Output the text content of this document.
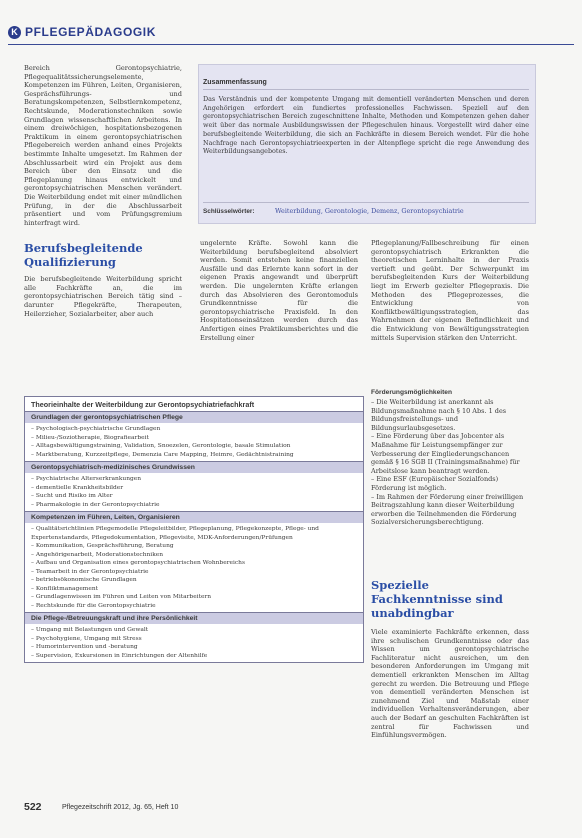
K PFLEGEPÄDAGOGIK

Bereich Gerontopsychiatrie, Pflegequalitätssicherungselemente, Kompetenzen im Führen, Leiten, Organisieren, Gesprächsführungs- und Beratungskompetenzen, Selbstlernkompetenz, Rechtskunde, Moderationstechniken sowie Grundlagen wissenschaftlichen Arbeitens. In einem dreiwöchigen, hospitationsbezogenen Praktikum in einem gerontopsychiatrischen Pflegebereich werden anhand eines Projekts bestimmte Inhalte umgesetzt. Im Rahmen der Abschlussarbeit wird ein Projekt aus dem Bereich über den Einsatz und die Pflegeplanung hinaus entwickelt und gerontopsychiatrischen Menschen verändert. Die Weiterbildung endet mit einer mündlichen Prüfung, in der die Abschlussarbeit präsentiert und vom Prüfungsgremium hinterfragt wird.

Berufsbegleitende Qualifizierung

Die berufsbegleitende Weiterbildung spricht alle Fachkräfte an, die im gerontopsychiatrischen Bereich tätig sind – darunter Pflegekräfte, Therapeuten, Heilerzieher, Sozialarbeiter, aber auch

Zusammenfassung

Das Verständnis und der kompetente Umgang mit dementiell veränderten Menschen und deren Angehörigen erfordert ein fundiertes professionelles Fachwissen. Speziell auf den gerontopsychiatrischen Bereich zugeschnittene Inhalte, Methoden und Kompetenzen gehen daher weit über das normale Ausbildungswissen der Pflegeschulen hinaus. Vorgestellt wird daher eine berufsbegleitende Weiterbildung, die sich an Fachkräfte in diesem Bereich wendet. Für die hohe Nachfrage nach Gerontopsychiatrieexperten in der Altenpflege spricht die rege Anwendung des Weiterbildungsangebotes.

Schlüsselwörter:	Weiterbildung, Gerontologie, Demenz, Gerontopsychiatrie

ungelernte Kräfte. Sowohl kann die Weiterbildung berufsbegleitend absolviert werden. Somit entstehen keine finanziellen Ausfälle und das Erlernte kann sofort in der eigenen Praxis angewandt und überprüft werden. Die ungelernten Kräfte erlangen durch das Absolvieren des Gerontomoduls Grundkenntnisse für die gerontopsychiatrische Praxisfeld. In den Hospitationseinsätzen werden durch das Anfertigen eines Praktikumsberichtes und die Erstellung einer

Pflegeplanung/Fallbeschreibung für einen gerontopsychiatrisch Erkrankten die theoretischen Lerninhalte in der Praxis vertieft und geübt. Der Schwerpunkt im berufsbegleitenden Kurs der Weiterbildung liegt im Erwerb gezielter Pflegepraxis. Die Methoden des Pflegeprozesses, die Entwicklung von Konfliktbewältigungsstrategien, das Wahrnehmen der eigenen Befindlichkeit und die Entwicklung von Bewältigungsstrategien mittels Supervision stärken den Unterricht.

Theorieinhalte der Weiterbildung zur Gerontopsychiatriefachkraft
Grundlagen der gerontopsychiatrischen Pflege
– Psychologisch-psychiatrische Grundlagen
– Milieu-/Soziotherapie, Biografiearbeit
– Alltagsbewältigungstraining, Validation, Snoezelen, Gerontologie, basale Stimulation
– Marktberatung, Kurzzeitpflege, Demenzia Care Mapping, Heimre, Gedächtnistraining
Gerontopsychiatrisch-medizinisches Grundwissen
– Psychiatrische Alterserkrankungen
– dementielle Krankheitsbilder
– Sucht und Risiko im Alter
– Pharmakologie in der Gerontopsychiatrie
Kompetenzen im Führen, Leiten, Organisieren
– Qualitätsrichtlinien Pflegemodelle Pflegeleitbilder, Pflegeplanung, Pflegekonzepte, Pflege- und Expertenstandards, Pflegedokumentation, Pflegevisite, MDK-Anforderungen/Prüfungen
– Kommunikation, Gesprächsführung, Beratung
– Angehörigenarbeit, Moderationstechniken
– Aufbau und Organisation eines gerontopsychiatrischen Wohnbereichs
– Teamarbeit in der Gerontopsychiatrie
– betriebsökonomische Grundlagen
– Konfliktmanagement
– Grundlagenwissen im Führen und Leiten von Mitarbeitern
– Rechtskunde für die Gerontopsychiatrie
Die Pflege-/Betreuungskraft und ihre Persönlichkeit
– Umgang mit Belastungen und Gewalt
– Psychohygiene, Umgang mit Stress
– Humorintervention und -beratung
– Supervision, Exkursionen in Einrichtungen der Altenhilfe
Förderungsmöglichkeiten
– Die Weiterbildung ist anerkannt als Bildungsmaßnahme nach § 10 Abs. 1 des Bildungsfreistellungs- und Bildungsurlaubsgesetzes.
– Eine Förderung über das Jobcenter als Maßnahme für Leistungsempfänger zur Verbesserung der Eingliederungschancen gemäß § 16 SGB II (Trainingsmaßnahme) für Arbeitslose kann beantragt werden.
– Eine ESF (Europäischer Sozialfonds) Förderung ist möglich.
– Im Rahmen der Förderung einer freiwilligen Beitragszahlung kann dieser Weiterbildung erworben die Teilnehmenden die Förderung Sozialversicherungsberechtigung.
Spezielle Fachkenntnisse sind unabdingbar

Viele examinierte Fachkräfte erkennen, dass ihre schulischen Grundkenntnisse oder das Wissen um gerontopsychiatrische Fachliteratur nicht ausreichen, um den besonderen Anforderungen im Umgang mit dementiell erkrankten Menschen im Alltag gerecht zu werden. Die Betreuung und Pflege von dementiell veränderten Menschen ist zunehmend Ziel und Maßstab einer individuellen Verhaltensveränderungen, aber auch der Bedarf an geschulten Fachkräften ist zentral für Fachwissen und Einfühlungsvermögen.

522	Pflegezeitschrift 2012, Jg. 65, Heft 10
